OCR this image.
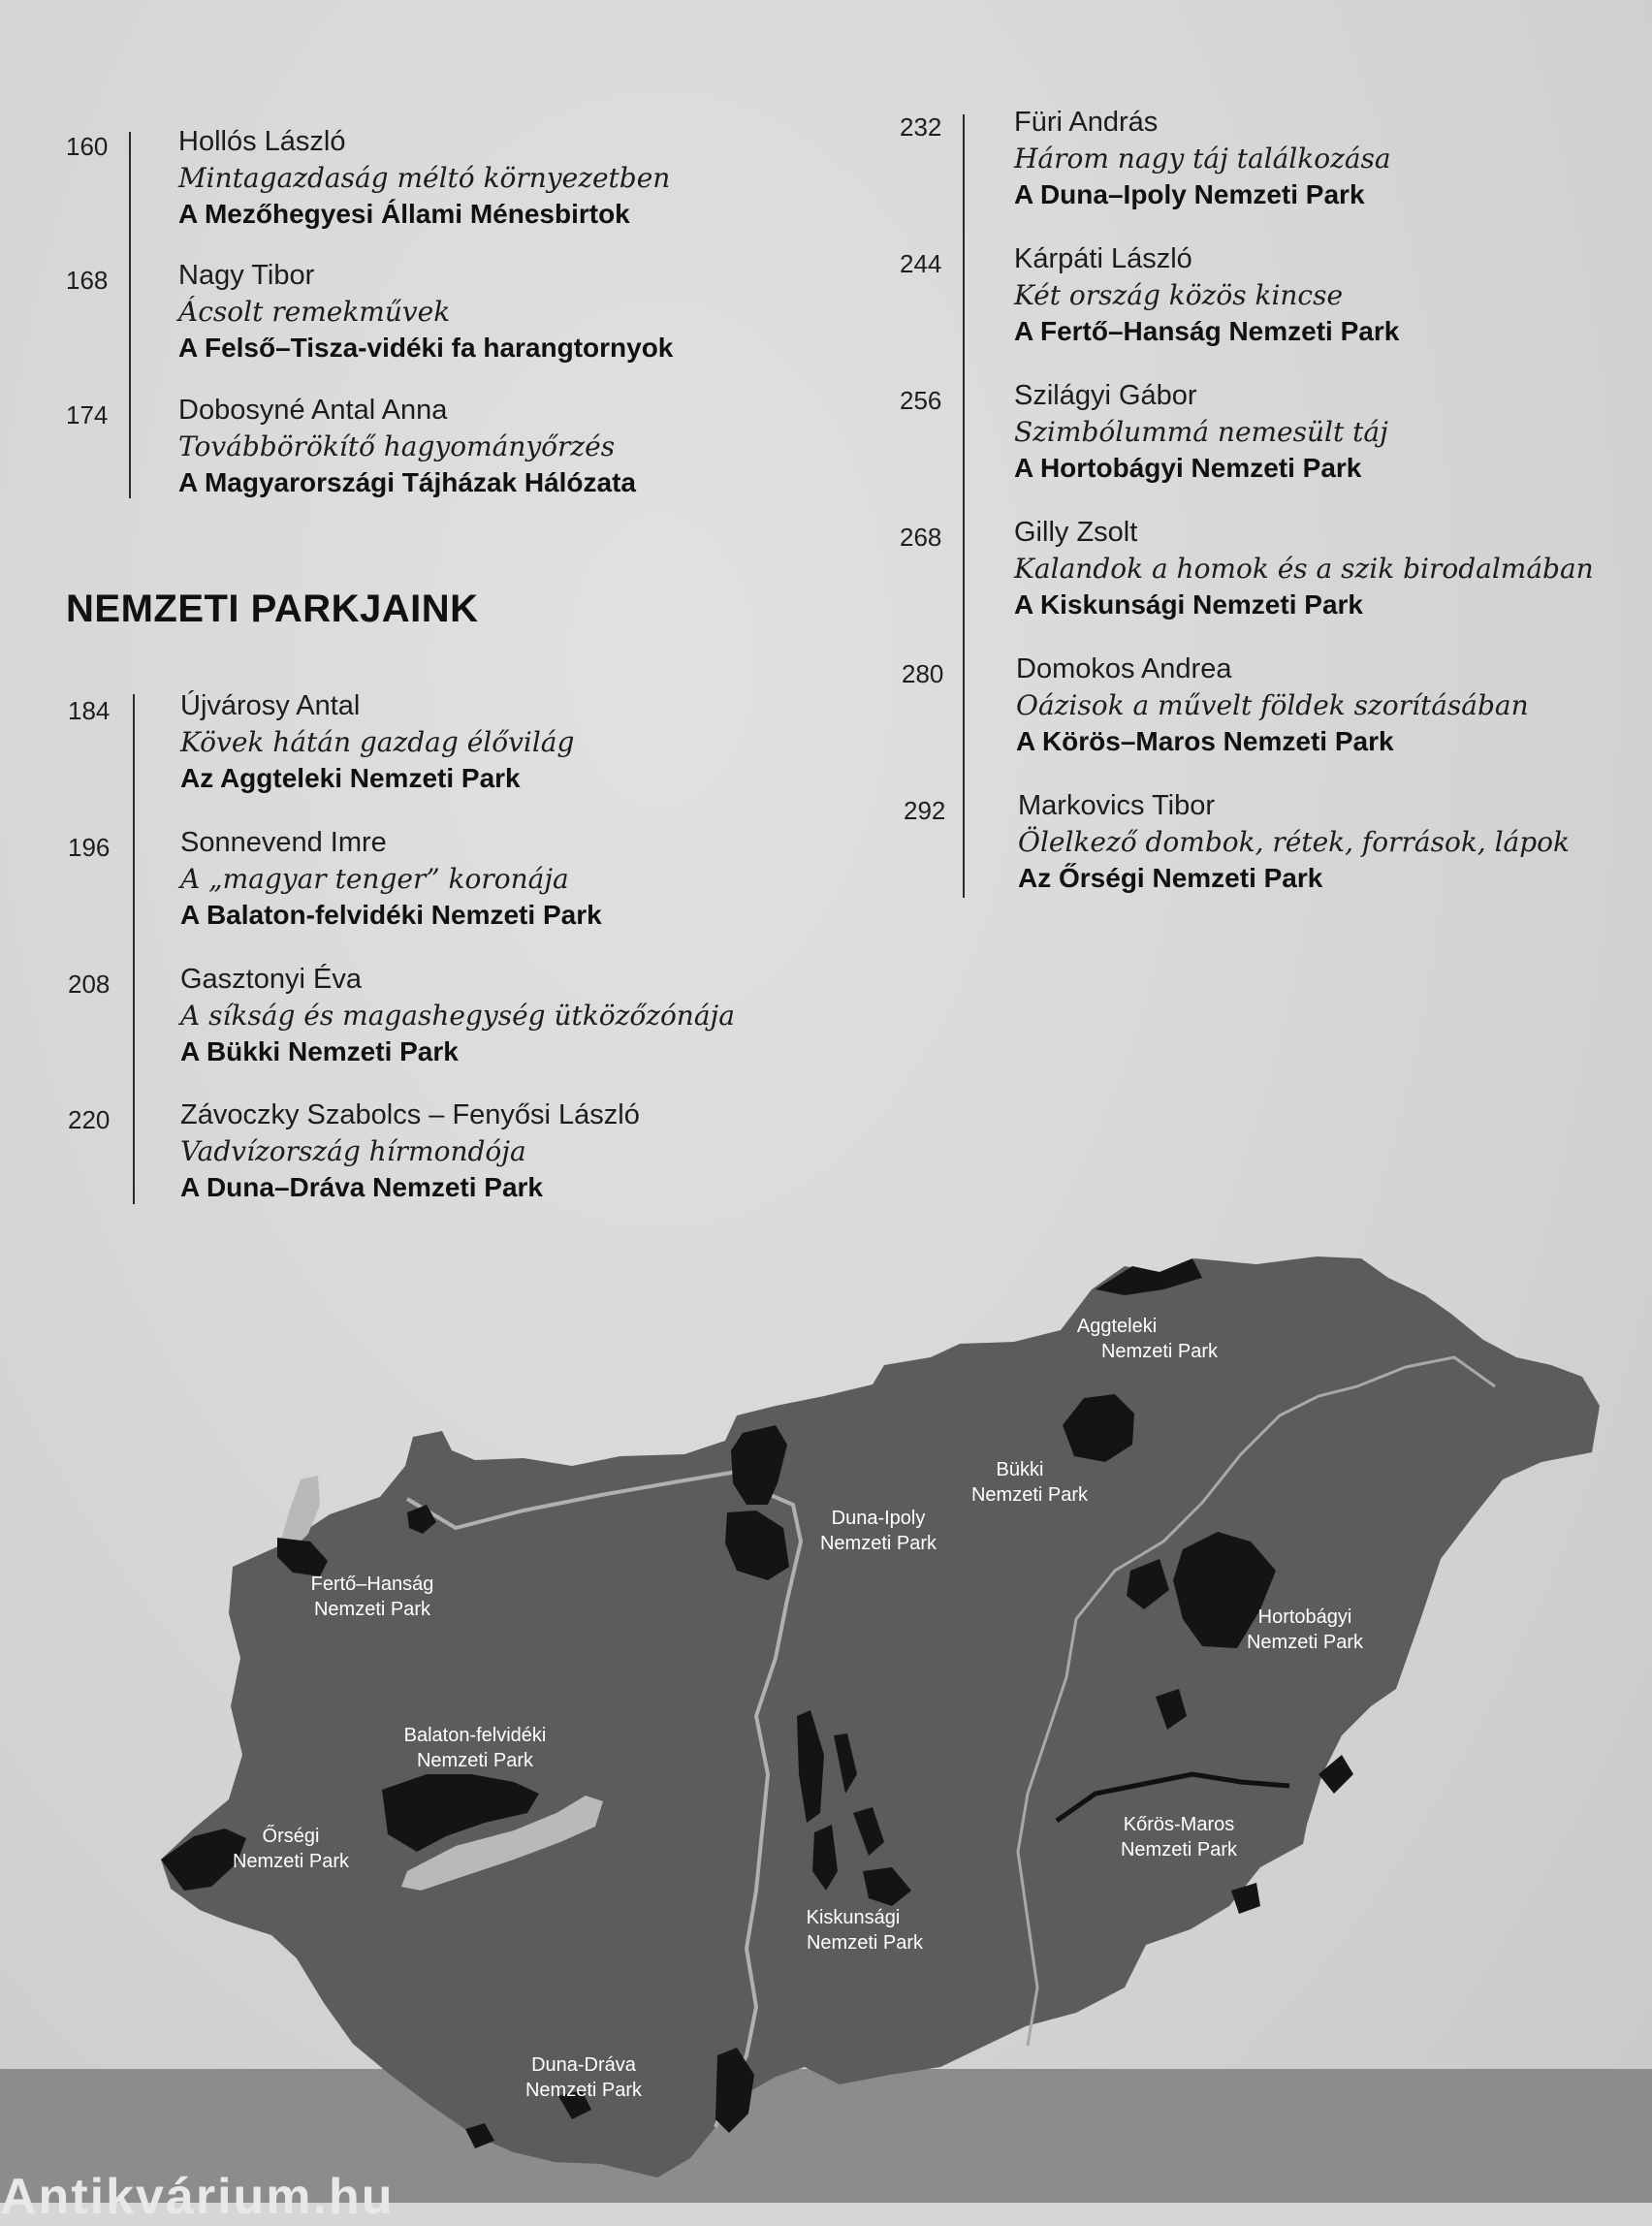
160	Hollós László
Mintagazdaság méltó környezetben
A Mezőhegyesi Állami Ménesbirtok
168	Nagy Tibor
Ácsolt remekművek
A Felső–Tisza-vidéki fa harangtornyok
174	Dobosyné Antal Anna
Továbbörökítő hagyományőrzés
A Magyarországi Tájházak Hálózata
NEMZETI PARKJAINK
184	Újvárosy Antal
Kövek hátán gazdag élővilág
Az Aggteleki Nemzeti Park
196	Sonnevend Imre
A „magyar tenger” koronája
A Balaton-felvidéki Nemzeti Park
208	Gasztonyi Éva
A síkság és magashegység ütközőzónája
A Bükki Nemzeti Park
220	Závoczky Szabolcs – Fenyősi László
Vadvízország hírmondója
A Duna–Dráva Nemzeti Park
232	Füri András
Három nagy táj találkozása
A Duna–Ipoly Nemzeti Park
244	Kárpáti László
Két ország közös kincse
A Fertő–Hanság Nemzeti Park
256	Szilágyi Gábor
Szimbólummá nemesült táj
A Hortobágyi Nemzeti Park
268	Gilly Zsolt
Kalandok a homok és a szik birodalmában
A Kiskunsági Nemzeti Park
280	Domokos Andrea
Oázisok a művelt földek szorításában
A Körös–Maros Nemzeti Park
292	Markovics Tibor
Ölelkező dombok, rétek, források, lápok
Az Őrségi Nemzeti Park
Aggteleki
Nemzeti Park
Bükki
Nemzeti Park
Duna-Ipoly
Nemzeti Park
Fertő–Hanság
Nemzeti Park	Hortobágyi
Nemzeti Park
Balaton-felvidéki
Nemzeti Park
Őrségi
Nemzeti Park
Kiskunsági
Nemzeti Park
Kőrös-Maros
Nemzeti Park
Duna-Dráva
Nemzeti Park
Antikvárium.hu
